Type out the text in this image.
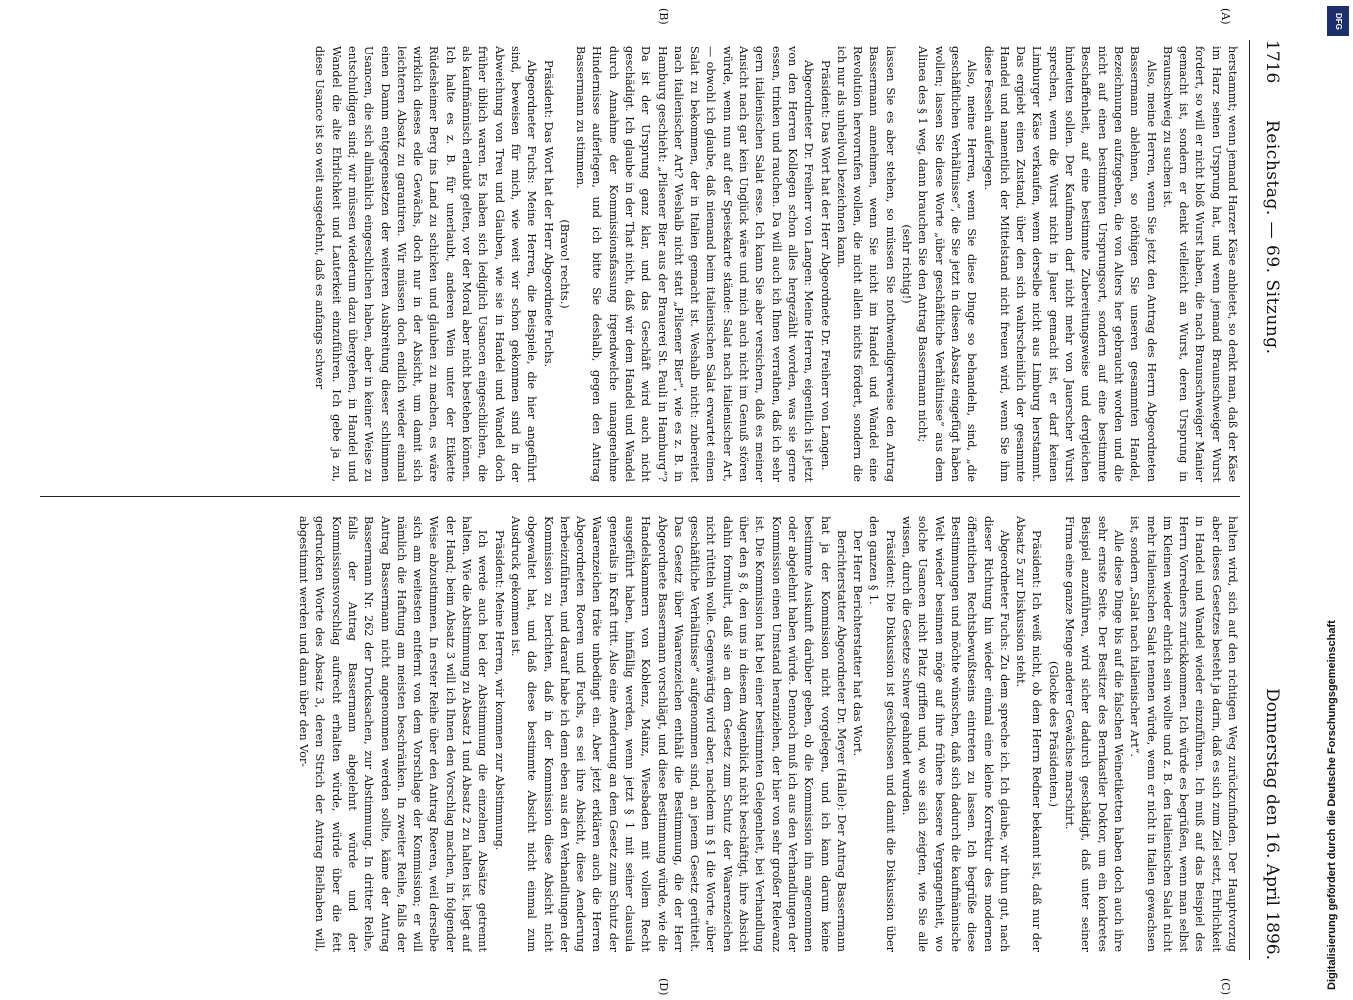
1716
Reichstag. — 69. Sitzung.
Donnerstag den 16. April 1896.
(A)
(B)
(C)
(D)

herstammt; wenn jemand Harzer Käse anbietet, so denkt man, daß der Käse im Harz seinen Ursprung hat, und wenn jemand Braunschweiger Wurst fordert, so will er nicht bloß Wurst haben, die nach Braunschweiger Manier gemacht ist, sondern er denkt vielleicht an Wurst, deren Ursprung in Braunschweig zu suchen ist.

Also, meine Herren, wenn Sie jetzt den Antrag des Herrn Abgeordneten Bassermann ablehnen, so nöthigen Sie unseren gesammten Handel, Bezeichnungen aufzugeben, die von Alters her gebraucht worden und die nicht auf einen bestimmten Ursprungsort, sondern auf eine bestimmte Beschaffenheit, auf eine bestimmte Zubereitungsweise und dergleichen hindeuten sollen. Der Kaufmann darf nicht mehr von Jauerscher Wurst sprechen, wenn die Wurst nicht in Jauer gemacht ist, er darf keinen Limburger Käse verkaufen, wenn derselbe nicht aus Limburg herstammt. Das ergiebt einen Zustand, über den sich wahrscheinlich der gesammte Handel und namentlich der Mittelstand nicht freuen wird, wenn Sie ihm diese Fesseln auferlegen.

Also, meine Herren, wenn Sie diese Dinge so behandeln, sind, „die geschäftlichen Verhältnisse“, die Sie jetzt in diesen Absatz eingefügt haben wollen; lassen Sie diese Worte „über geschäftliche Verhältnisse“ aus dem Alinea des § 1 weg, dann brauchen Sie den Antrag Bassermann nicht;

(sehr richtig!)

lassen Sie es aber stehen, so müssen Sie nothwendigerweise den Antrag Bassermann annehmen, wenn Sie nicht im Handel und Wandel eine Revolution hervorrufen wollen, die nicht allein nichts fördert, sondern die ich nur als unheilvoll bezeichnen kann.

Präsident: Das Wort hat der Herr Abgeordnete Dr. Freiherr von Langen.

Abgeordneter Dr. Freiherr von Langen: Meine Herren, eigentlich ist jetzt von den Herren Kollegen schon alles hergezählt worden, was sie gerne essen, trinken und rauchen. Da will auch ich Ihnen verrathen, daß ich sehr gern italienischen Salat esse. Ich kann Sie aber versichern, daß es meiner Ansicht nach gar kein Unglück wäre und mich auch nicht im Genuß stören würde, wenn nun auf der Speisekarte stände: Salat nach italienischer Art, — obwohl ich glaube, daß niemand beim italienischen Salat erwartet einen Salat zu bekommen, der in Italien gemacht ist. Weshalb nicht: zubereitet nach italienischer Art? Weshalb nicht statt „Pilsener Bier“, wie es z. B. in Hamburg geschieht: „Pilsener Bier aus der Brauerei St. Pauli in Hamburg“? Da ist der Ursprung ganz klar, und das Geschäft wird auch nicht geschädigt. Ich glaube in der That nicht, daß wir dem Handel und Wandel durch Annahme der Kommissionsfassung irgendwelche unangenehme Hindernisse auferlegen, und ich bitte Sie deshalb, gegen den Antrag Bassermann zu stimmen.

(Bravo! rechts.)

Präsident: Das Wort hat der Herr Abgeordnete Fuchs.

Abgeordneter Fuchs: Meine Herren, die Beispiele, die hier angeführt sind, beweisen für mich, wie weit wir schon gekommen sind in der Abweichung von Treu und Glauben, wie sie in Handel und Wandel doch früher üblich waren. Es haben sich lediglich Usancen eingeschlichen, die als kaufmännisch erlaubt gelten, vor der Moral aber nicht bestehen können. Ich halte es z. B. für unerlaubt, anderen Wein unter der Etikette Rüdesheimer Berg ins Land zu schicken und glauben zu machen, es wäre wirklich dieses edle Gewächs, doch nur in der Absicht, um damit sich leichteren Absatz zu garantiren. Wir müssen doch endlich wieder einmal einen Damm entgegensetzen der weiteren Ausbreitung dieser schlimmen Usancen, die sich allmählich eingeschlichen haben, aber in keiner Weise zu entschuldigen sind; wir müssen wiederum dazu übergehen, in Handel und Wandel die alte Ehrlichkeit und Lauterkeit einzuführen. Ich gebe ja zu, diese Usance ist so weit ausgedehnt, daß es anfangs schwer

halten wird, sich auf den richtigen Weg zurückzufinden. Der Hauptvorzug aber dieses Gesetzes besteht ja darin, daß es sich zum Ziel setzt, Ehrlichkeit in Handel und Wandel wieder einzuführen. Ich muß auf das Beispiel des Herrn Vorredners zurückkommen. Ich würde es begrüßen, wenn man selbst im Kleinen wieder ehrlich sein wollte und z. B. den italienischen Salat nicht mehr italienischen Salat nennen würde, wenn er nicht in Italien gewachsen ist, sondern „Salat nach italienischer Art“.

Alle diese Dinge bis auf die falschen Weinetiketten haben doch auch ihre sehr ernste Seite. Der Besitzer des Bernkastler Doktor, um ein konkretes Beispiel anzuführen, wird sicher dadurch geschädigt, daß unter seiner Firma eine ganze Menge anderer Gewächse marschirt.

(Glocke des Präsidenten.)

Präsident: Ich weiß nicht, ob dem Herrn Redner bekannt ist, daß nur der Absatz 5 zur Diskussion steht.

Abgeordneter Fuchs: Zu dem spreche ich. Ich glaube, wir thun gut, nach dieser Richtung hin wieder einmal eine kleine Korrektur des modernen öffentlichen Rechtsbewußtseins eintreten zu lassen. Ich begrüße diese Bestimmungen und möchte wünschen, daß sich dadurch die kaufmännische Welt wieder besinnen möge auf ihre frühere bessere Vergangenheit, wo solche Usancen nicht Platz griffen und, wo sie sich zeigten, wie Sie alle wissen, durch die Gesetze schwer geahndet wurden.

Präsident: Die Diskussion ist geschlossen und damit die Diskussion über den ganzen § 1.

Der Herr Berichterstatter hat das Wort.

Berichterstatter Abgeordneter Dr. Meyer (Halle): Der Antrag Bassermann hat ja der Kommission nicht vorgelegen, und ich kann darum keine bestimmte Auskunft darüber geben, ob die Kommission ihn angenommen oder abgelehnt haben würde. Dennoch muß ich aus den Verhandlungen der Kommission einen Umstand heranziehen, der hier von sehr großer Relevanz ist. Die Kommission hat bei einer bestimmten Gelegenheit, bei Verhandlung über den § 8, den uns in diesem Augenblick nicht beschäftigt, ihre Absicht dahin formulirt, daß sie an dem Gesetz zum Schutz der Waarenzeichen nicht rütteln wolle. Gegenwärtig wird aber, nachdem in § 1 die Worte „über geschäftliche Verhältnisse“ aufgenommen sind, an jenem Gesetz gerüttelt. Das Gesetz über Waarenzeichen enthält die Bestimmung, die der Herr Abgeordnete Bassermann vorschlägt, und diese Bestimmung würde, wie die Handelskammern von Koblenz, Mainz, Wiesbaden mit vollem Recht ausgeführt haben, hinfällig werden, wenn jetzt § 1 mit seiner clausula generalis in Kraft tritt. Also eine Aenderung an dem Gesetz zum Schutz der Waarenzeichen träte unbedingt ein. Aber jetzt erklären auch die Herren Abgeordneten Roeren und Fuchs, es sei ihre Absicht, diese Aenderung herbeizuführen, und darauf habe ich denn eben aus den Verhandlungen der Kommission zu berichten, daß in der Kommission diese Absicht nicht obgewaltet hat, und daß diese bestimmte Absicht nicht einmal zum Ausdruck gekommen ist.

Präsident: Meine Herren, wir kommen zur Abstimmung.

Ich werde auch bei der Abstimmung die einzelnen Absätze getrennt halten. Wie die Abstimmung zu Absatz 1 und Absatz 2 zu halten ist, liegt auf der Hand; beim Absatz 3 will ich Ihnen den Vorschlag machen, in folgender Weise abzustimmen. In erster Reihe über den Antrag Roeren, weil derselbe sich am weitesten entfernt von dem Vorschlage der Kommission; er will nämlich die Haftung am meisten beschränken. In zweiter Reihe, falls der Antrag Bassermann nicht angenommen werden sollte, käme der Antrag Bassermann Nr. 262 der Drucksachen, zur Abstimmung. In dritter Reihe, falls der Antrag Bassermann abgelehnt würde und der Kommissionsvorschlag aufrecht erhalten würde, würde über die fett gedruckten Worte des Absatz 3, deren Strich der Antrag Bielhaben will, abgestimmt werden und dann über den Vor-

DFG
Digitalisierung gefördert durch die Deutsche Forschungsgemeinschaft
